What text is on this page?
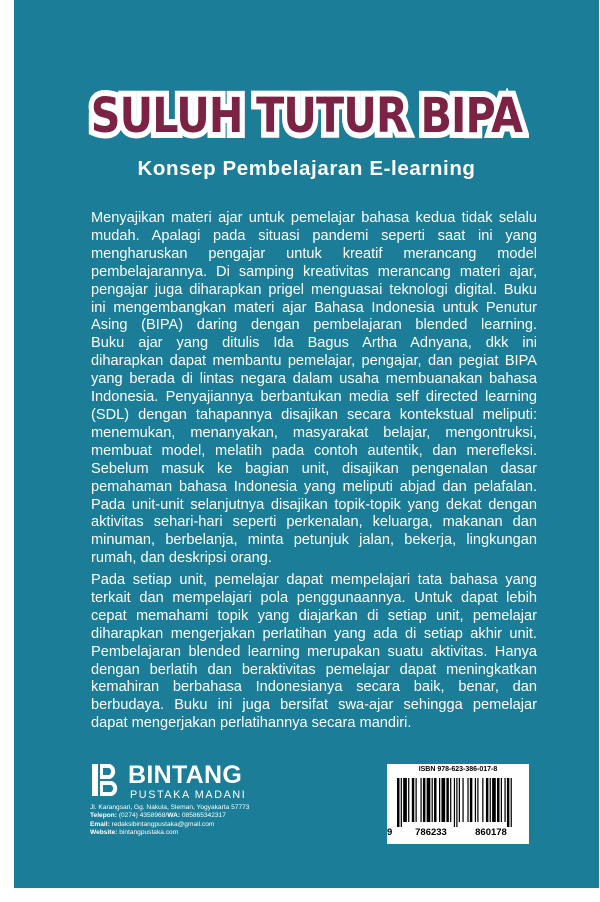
SULUH TUTUR BIPA
Konsep Pembelajaran E-learning

Menyajikan materi ajar untuk pemelajar bahasa kedua tidak selalu
mudah. Apalagi pada situasi pandemi seperti saat ini yang
mengharuskan pengajar untuk kreatif merancang model
pembelajarannya. Di samping kreativitas merancang materi ajar,
pengajar juga diharapkan prigel menguasai teknologi digital. Buku
ini mengembangkan materi ajar Bahasa Indonesia untuk Penutur
Asing (BIPA) daring dengan pembelajaran blended learning.
Buku ajar yang ditulis Ida Bagus Artha Adnyana, dkk ini
diharapkan dapat membantu pemelajar, pengajar, dan pegiat BIPA
yang berada di lintas negara dalam usaha membuanakan bahasa
Indonesia. Penyajiannya berbantukan media self directed learning
(SDL) dengan tahapannya disajikan secara kontekstual meliputi:
menemukan, menanyakan, masyarakat belajar, mengontruksi,
membuat model, melatih pada contoh autentik, dan merefleksi.
Sebelum masuk ke bagian unit, disajikan pengenalan dasar
pemahaman bahasa Indonesia yang meliputi abjad dan pelafalan.
Pada unit-unit selanjutnya disajikan topik-topik yang dekat dengan
aktivitas sehari-hari seperti perkenalan, keluarga, makanan dan
minuman, berbelanja, minta petunjuk jalan, bekerja, lingkungan
rumah, dan deskripsi orang.

Pada setiap unit, pemelajar dapat mempelajari tata bahasa yang
terkait dan mempelajari pola penggunaannya. Untuk dapat lebih
cepat memahami topik yang diajarkan di setiap unit, pemelajar
diharapkan mengerjakan perlatihan yang ada di setiap akhir unit.
Pembelajaran blended learning merupakan suatu aktivitas. Hanya
dengan berlatih dan beraktivitas pemelajar dapat meningkatkan
kemahiran berbahasa Indonesianya secara baik, benar, dan
berbudaya. Buku ini juga bersifat swa-ajar sehingga pemelajar
dapat mengerjakan perlatihannya secara mandiri.

BINTANG
PUSTAKA MADANI
Jl. Karangsari, Gg. Nakula, Sleman, Yogyakarta 57773
Telepon: (0274) 4358968/WA: 085865342317
Email: redaksibintangpustaka@gmail.com
Website: bintangpustaka.com
ISBN 978-623-386-017-8
9	786233	860178
